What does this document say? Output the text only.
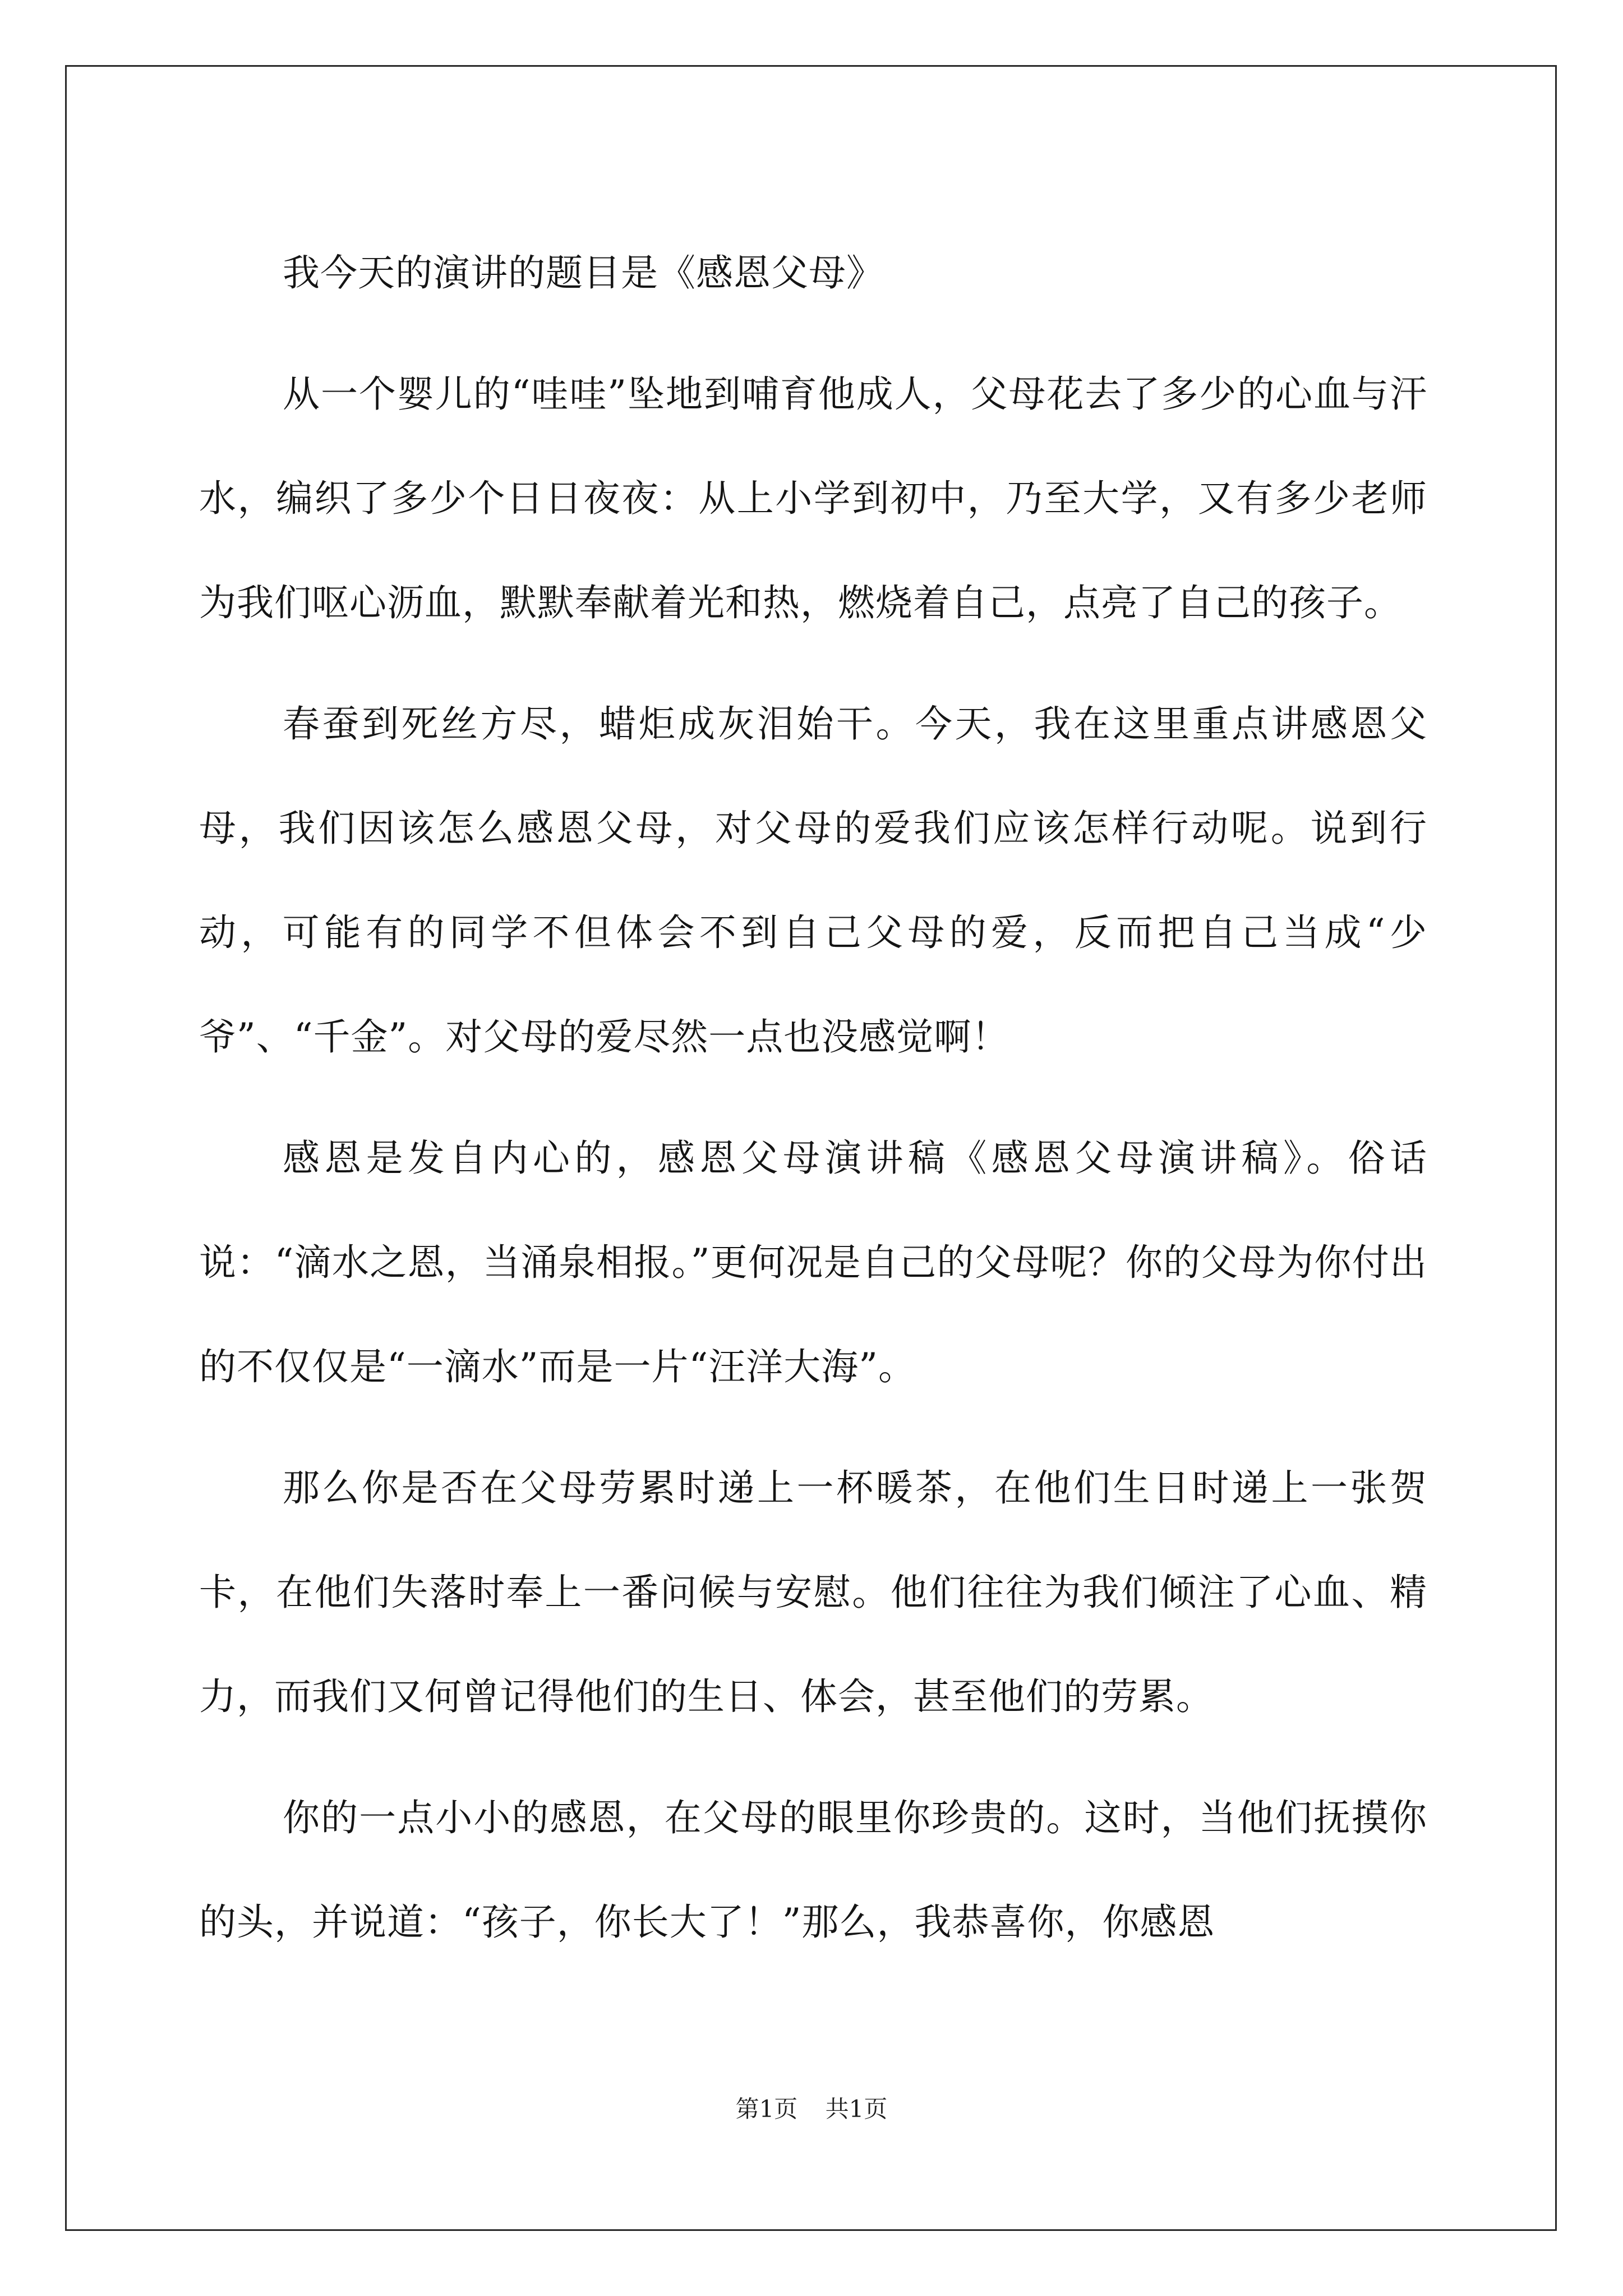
我今天的演讲的题目是《感恩父母》

从一个婴儿的“哇哇”坠地到哺育他成人，父母花去了多少的心血与汗水，编织了多少个日日夜夜：从上小学到初中，乃至大学，又有多少老师为我们呕心沥血，默默奉献着光和热，燃烧着自己，点亮了自己的孩子。

春蚕到死丝方尽，蜡炬成灰泪始干。今天，我在这里重点讲感恩父母，我们因该怎么感恩父母，对父母的爱我们应该怎样行动呢。说到行动，可能有的同学不但体会不到自己父母的爱，反而把自己当成“少爷”、“千金”。对父母的爱尽然一点也没感觉啊！

感恩是发自内心的，感恩父母演讲稿《感恩父母演讲稿》。俗话说：“滴水之恩，当涌泉相报。”更何况是自己的父母呢？你的父母为你付出的不仅仅是“一滴水”而是一片“汪洋大海”。

那么你是否在父母劳累时递上一杯暖茶，在他们生日时递上一张贺卡，在他们失落时奉上一番问候与安慰。他们往往为我们倾注了心血、精力，而我们又何曾记得他们的生日、体会，甚至他们的劳累。

你的一点小小的感恩，在父母的眼里你珍贵的。这时，当他们抚摸你的头，并说道：“孩子，你长大了！”那么，我恭喜你，你感恩

第1页 共1页
